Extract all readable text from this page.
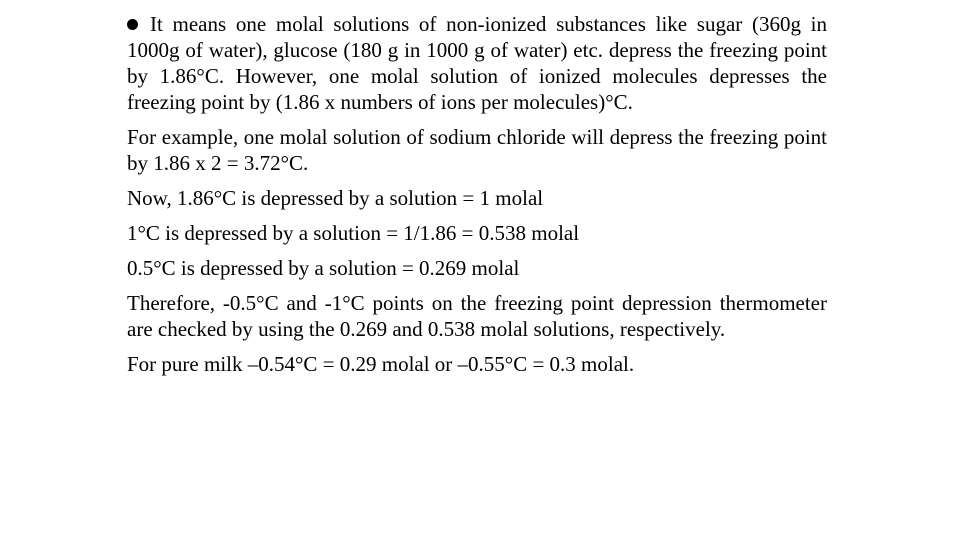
It means one molal solutions of non-ionized substances like sugar (360g in 1000g of water), glucose (180 g in 1000 g of water) etc. depress the freezing point by 1.86°C. However, one molal solution of ionized molecules depresses the freezing point by (1.86 x numbers of ions per molecules)°C.

For example, one molal solution of sodium chloride will depress the freezing point by 1.86 x 2 = 3.72°C.

Now, 1.86°C is depressed by a solution = 1 molal

1°C is depressed by a solution = 1/1.86 = 0.538 molal

0.5°C is depressed by a solution = 0.269 molal

Therefore, -0.5°C and -1°C points on the freezing point depression thermometer are checked by using the 0.269 and 0.538 molal solutions, respectively.

For pure milk –0.54°C = 0.29 molal or –0.55°C = 0.3 molal.
